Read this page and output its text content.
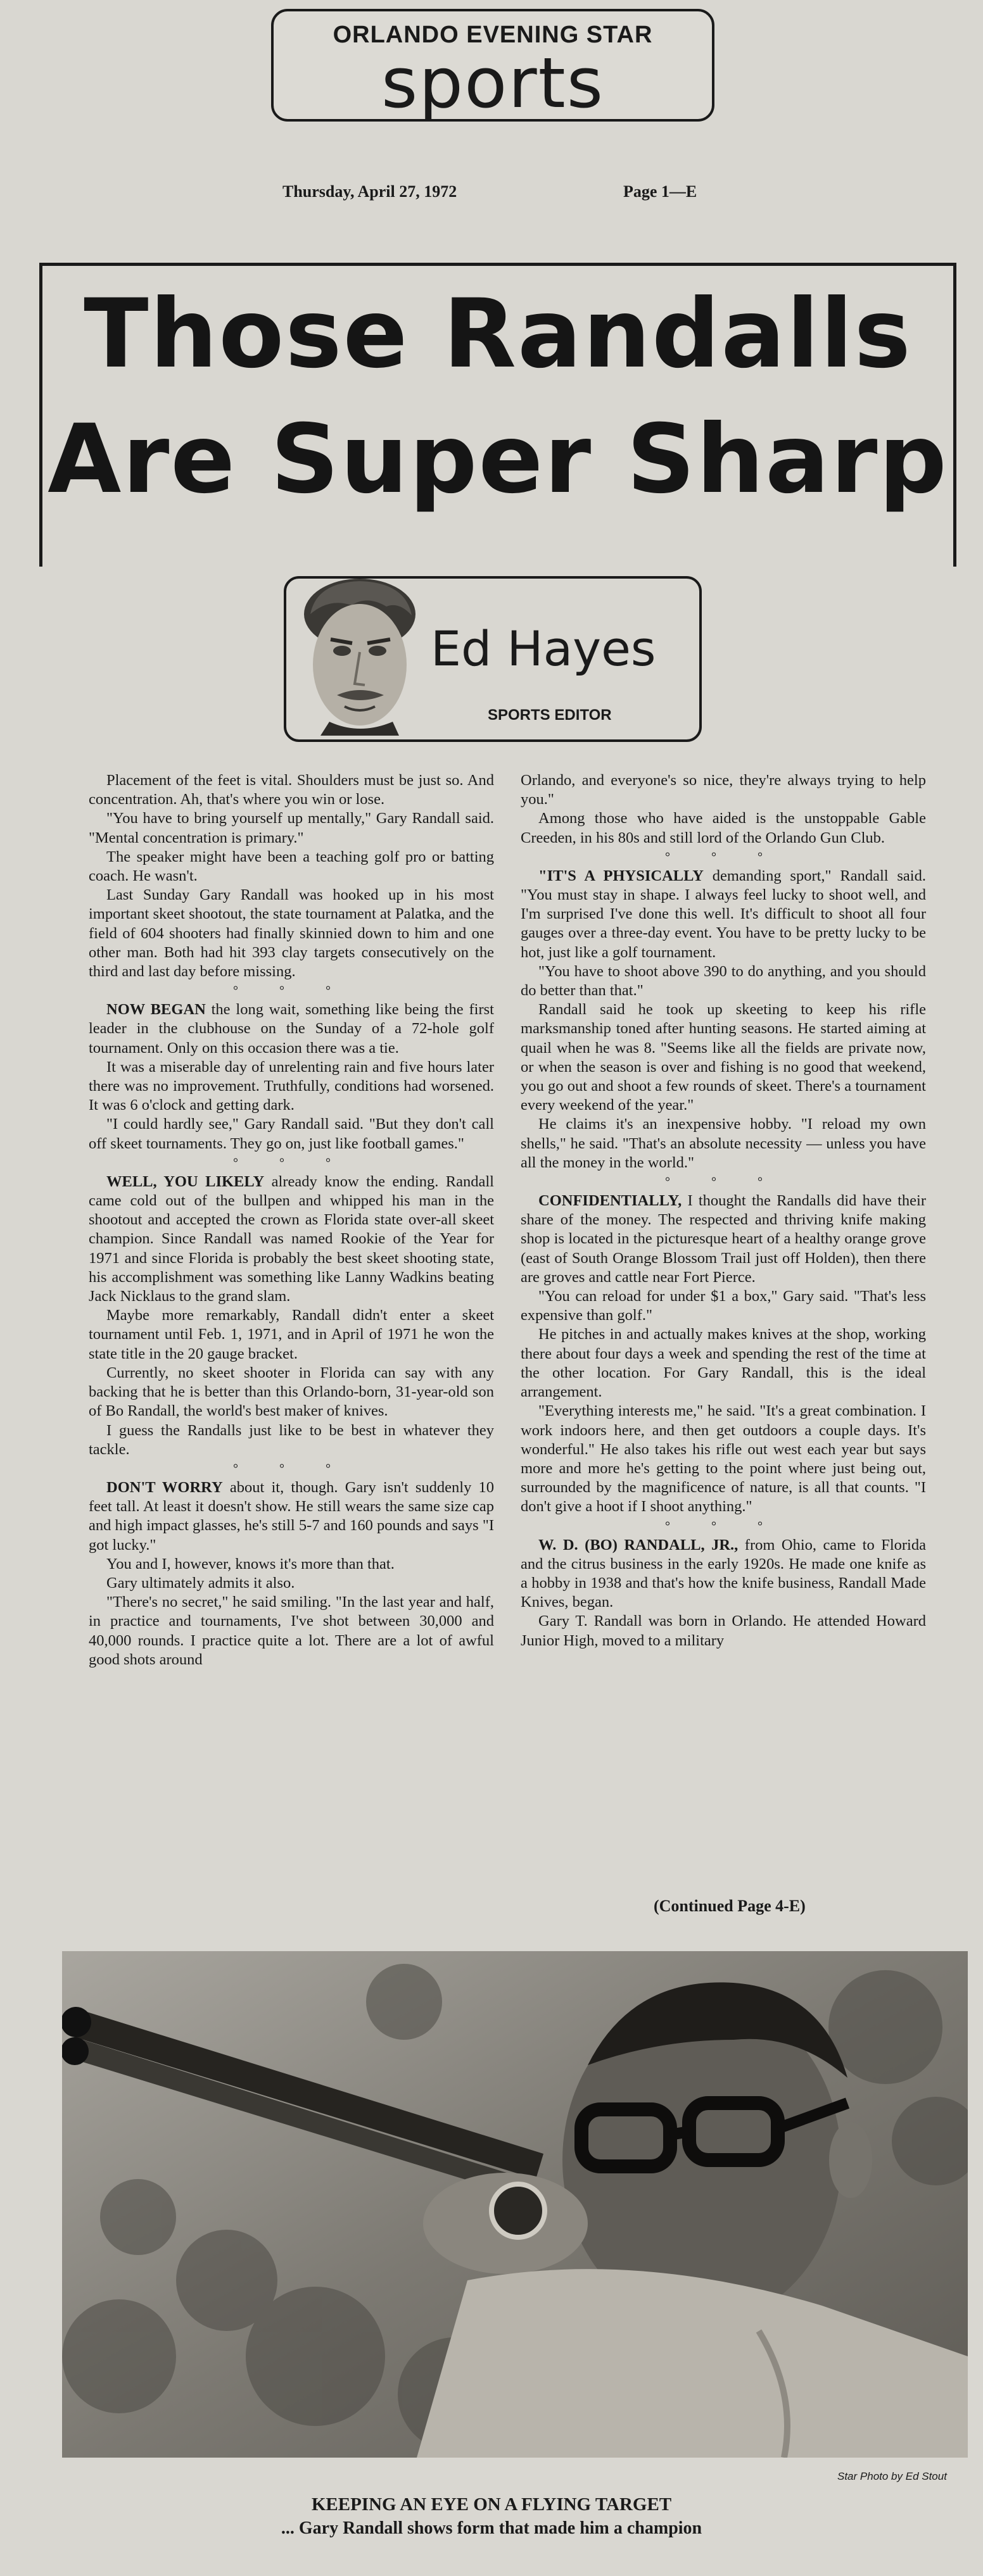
ORLANDO EVENING STAR
sports
Thursday, April 27, 1972	Page 1—E
Those Randalls
Are Super Sharp
Ed Hayes
SPORTS EDITOR

Placement of the feet is vital. Shoulders must be just so. And concentration. Ah, that's where you win or lose.

"You have to bring yourself up mentally," Gary Randall said. "Mental concentration is primary."

The speaker might have been a teaching golf pro or batting coach. He wasn't.

Last Sunday Gary Randall was hooked up in his most important skeet shootout, the state tournament at Palatka, and the field of 604 shooters had finally skinnied down to him and one other man. Both had hit 393 clay targets consecutively on the third and last day before missing.

° ° °

NOW BEGAN the long wait, something like being the first leader in the clubhouse on the Sunday of a 72-hole golf tournament. Only on this occasion there was a tie.

It was a miserable day of unrelenting rain and five hours later there was no improvement. Truthfully, conditions had worsened. It was 6 o'clock and getting dark.

"I could hardly see," Gary Randall said. "But they don't call off skeet tournaments. They go on, just like football games."

° ° °

WELL, YOU LIKELY already know the ending. Randall came cold out of the bullpen and whipped his man in the shootout and accepted the crown as Florida state over-all skeet champion. Since Randall was named Rookie of the Year for 1971 and since Florida is probably the best skeet shooting state, his accomplishment was something like Lanny Wadkins beating Jack Nicklaus to the grand slam.

Maybe more remarkably, Randall didn't enter a skeet tournament until Feb. 1, 1971, and in April of 1971 he won the state title in the 20 gauge bracket.

Currently, no skeet shooter in Florida can say with any backing that he is better than this Orlando-born, 31-year-old son of Bo Randall, the world's best maker of knives.

I guess the Randalls just like to be best in whatever they tackle.

° ° °

DON'T WORRY about it, though. Gary isn't suddenly 10 feet tall. At least it doesn't show. He still wears the same size cap and high impact glasses, he's still 5-7 and 160 pounds and says "I got lucky."

You and I, however, knows it's more than that.

Gary ultimately admits it also.

"There's no secret," he said smiling. "In the last year and half, in practice and tournaments, I've shot between 30,000 and 40,000 rounds. I practice quite a lot. There are a lot of awful good shots around

Orlando, and everyone's so nice, they're always trying to help you."

Among those who have aided is the unstoppable Gable Creeden, in his 80s and still lord of the Orlando Gun Club.

° ° °

"IT'S A PHYSICALLY demanding sport," Randall said. "You must stay in shape. I always feel lucky to shoot well, and I'm surprised I've done this well. It's difficult to shoot all four gauges over a three-day event. You have to be pretty lucky to be hot, just like a golf tournament.

"You have to shoot above 390 to do anything, and you should do better than that."

Randall said he took up skeeting to keep his rifle marksmanship toned after hunting seasons. He started aiming at quail when he was 8. "Seems like all the fields are private now, or when the season is over and fishing is no good that weekend, you go out and shoot a few rounds of skeet. There's a tournament every weekend of the year."

He claims it's an inexpensive hobby. "I reload my own shells," he said. "That's an absolute necessity — unless you have all the money in the world."

° ° °

CONFIDENTIALLY, I thought the Randalls did have their share of the money. The respected and thriving knife making shop is located in the picturesque heart of a healthy orange grove (east of South Orange Blossom Trail just off Holden), then there are groves and cattle near Fort Pierce.

"You can reload for under $1 a box," Gary said. "That's less expensive than golf."

He pitches in and actually makes knives at the shop, working there about four days a week and spending the rest of the time at the other location. For Gary Randall, this is the ideal arrangement.

"Everything interests me," he said. "It's a great combination. I work indoors here, and then get outdoors a couple days. It's wonderful." He also takes his rifle out west each year but says more and more he's getting to the point where just being out, surrounded by the magnificence of nature, is all that counts. "I don't give a hoot if I shoot anything."

° ° °

W. D. (BO) RANDALL, JR., from Ohio, came to Florida and the citrus business in the early 1920s. He made one knife as a hobby in 1938 and that's how the knife business, Randall Made Knives, began.

Gary T. Randall was born in Orlando. He attended Howard Junior High, moved to a military

(Continued Page 4-E)
Star Photo by Ed Stout
KEEPING AN EYE ON A FLYING TARGET
... Gary Randall shows form that made him a champion
